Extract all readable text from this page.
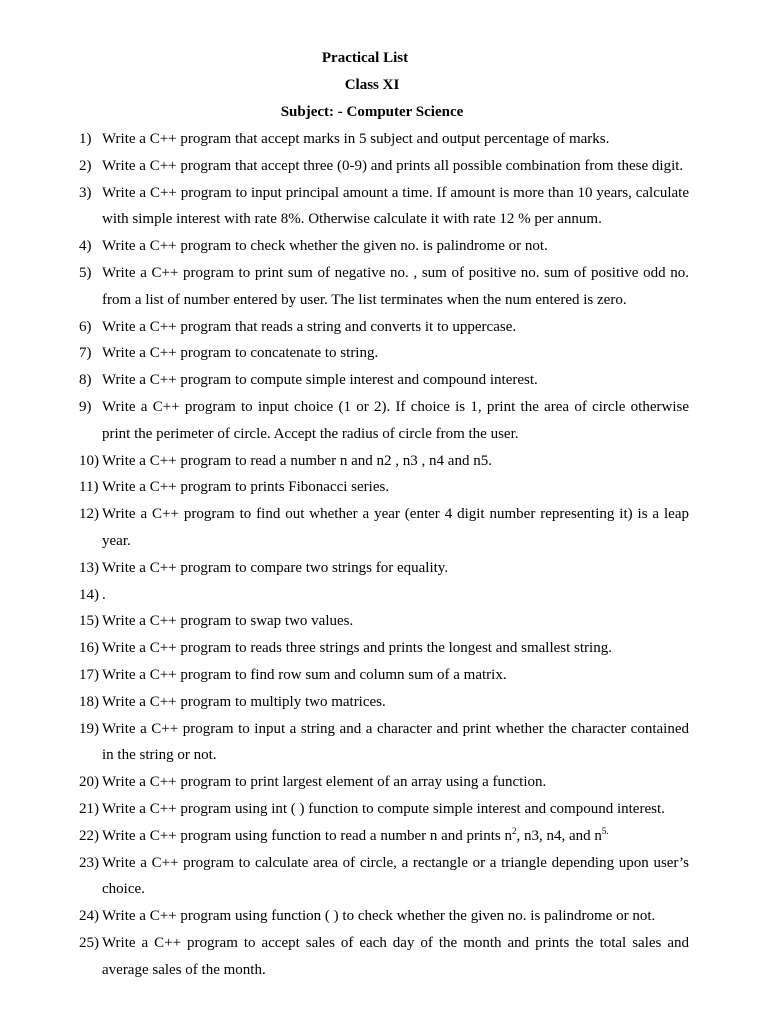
Practical List
Class XI
Subject: - Computer Science
1) Write a C++ program that accept marks in 5 subject and output percentage of marks.
2) Write a C++ program that accept three (0-9) and prints all possible combination from these digit.
3) Write a C++ program to input principal amount a time. If amount is more than 10 years, calculate with simple interest with rate 8%. Otherwise calculate it with rate 12 % per annum.
4) Write a C++ program to check whether the given no. is palindrome or not.
5) Write a C++ program to print sum of negative no. , sum of positive no. sum of positive odd no. from a list of number entered by user. The list terminates when the num entered is zero.
6) Write a C++ program that reads a string and converts it to uppercase.
7) Write a C++ program to concatenate to string.
8) Write a C++ program to compute simple interest and compound interest.
9) Write a C++ program to input choice (1 or 2). If choice is 1, print the area of circle otherwise print the perimeter of circle. Accept the radius of circle from the user.
10) Write a C++ program to read a number n and n2 , n3 , n4 and n5.
11) Write a C++ program to prints Fibonacci series.
12) Write a C++ program to find out whether a year (enter 4 digit number representing it) is a leap year.
13) Write a C++ program to compare two strings for equality.
14) .
15) Write a C++ program to swap two values.
16) Write a C++ program to reads three strings and prints the longest and smallest string.
17) Write a C++ program to find row sum and column sum of a matrix.
18) Write a C++ program to multiply two matrices.
19) Write a C++ program to input a string and a character and print whether the character contained in the string or not.
20) Write a C++ program to print largest element of an array using a function.
21) Write a C++ program using int ( ) function to compute simple interest and compound interest.
22) Write a C++ program using function to read a number n and prints $n^2$, n3, n4, and $n^{5.}$
23) Write a C++ program to calculate area of circle, a rectangle or a triangle depending upon user’s choice.
24) Write a C++ program using function ( ) to check whether the given no. is palindrome or not.
25) Write a C++ program to accept sales of each day of the month and prints the total sales and average sales of the month.
